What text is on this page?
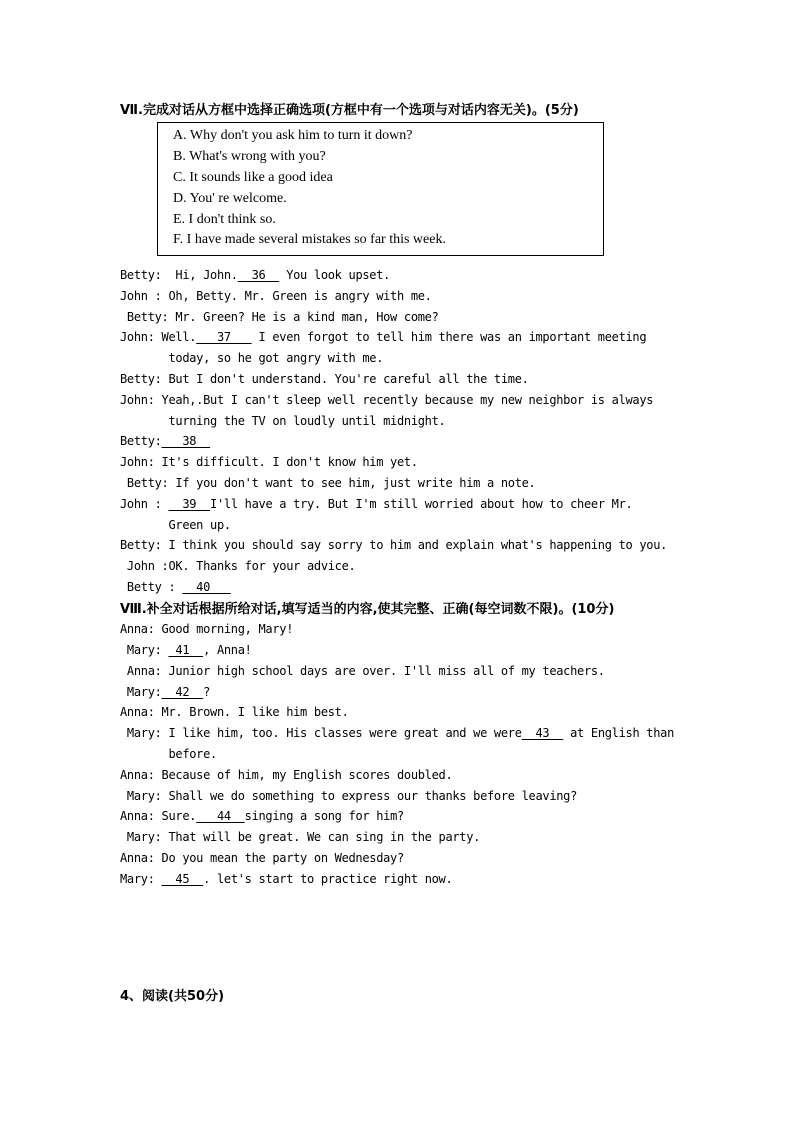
Ⅶ.完成对话从方框中选择正确选项(方框中有一个选项与对话内容无关)。(5分)
A. Why don't you ask him to turn it down?
B. What's wrong with you?
C. It sounds like a good idea
D. You' re welcome.
E. I don't think so.
F. I have made several mistakes so far this week.
Betty:  Hi, John.  36   You look upset.
John : Oh, Betty. Mr. Green is angry with me.
Betty: Mr. Green? He is a kind man, How come?
John: Well.   37    I even forgot to tell him there was an important meeting
today, so he got angry with me.
Betty: But I don't understand. You're careful all the time.
John: Yeah,.But I can't sleep well recently because my new neighbor is always
turning the TV on loudly until midnight.
Betty:   38
John: It's difficult. I don't know him yet.
Betty: If you don't want to see him, just write him a note.
John :   39  I'll have a try. But I'm still worried about how to cheer Mr.
Green up.
Betty: I think you should say sorry to him and explain what's happening to you.
John :OK. Thanks for your advice.
Betty :   40
Ⅷ.补全对话根据所给对话,填写适当的内容,使其完整、正确(每空词数不限)。(10分)
Anna: Good morning, Mary!
Mary:  41  , Anna!
Anna: Junior high school days are over. I'll miss all of my teachers.
Mary:  42  ?
Anna: Mr. Brown. I like him best.
Mary: I like him, too. His classes were great and we were  43   at English than
before.
Anna: Because of him, my English scores doubled.
Mary: Shall we do something to express our thanks before leaving?
Anna: Sure.   44  singing a song for him?
Mary: That will be great. We can sing in the party.
Anna: Do you mean the party on Wednesday?
Mary:   45  . let's start to practice right now.
4、阅读(共50分)
